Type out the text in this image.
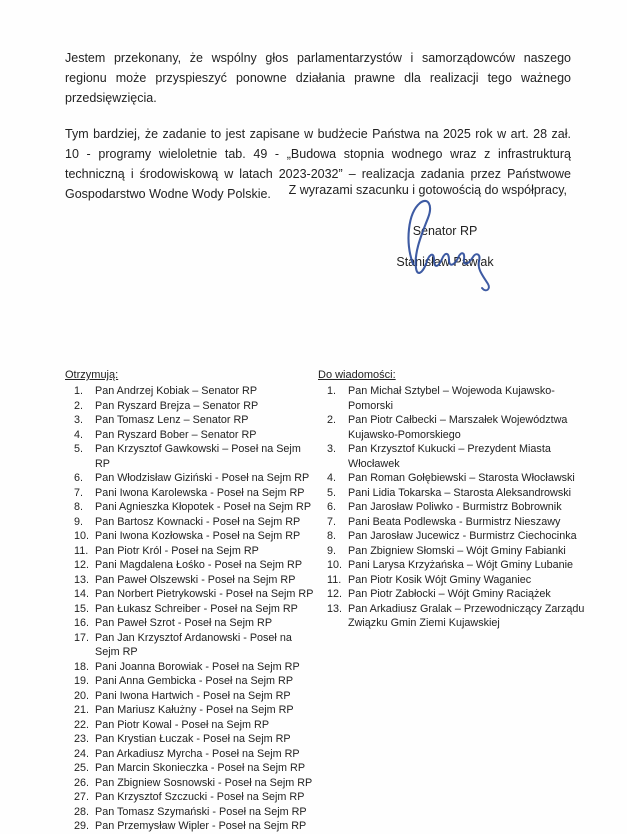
Jestem przekonany, że wspólny głos parlamentarzystów i samorządowców naszego regionu może przyspieszyć ponowne działania prawne dla realizacji tego ważnego przedsięwzięcia.

Tym bardziej, że zadanie to jest zapisane w budżecie Państwa na 2025 rok w art. 28 zał. 10 - programy wieloletnie tab. 49 - „Budowa stopnia wodnego wraz z infrastrukturą techniczną i środowiskową w latach 2023-2032” – realizacja zadania przez Państwowe Gospodarstwo Wodne Wody Polskie.	Z wyrazami szacunku i gotowością do współpracy,
Senator RP
Stanisław Pawlak
Otrzymują:
Pan Andrzej Kobiak – Senator RP
Pan Ryszard Brejza – Senator RP
Pan Tomasz Lenz – Senator RP
Pan Ryszard Bober – Senator RP
Pan Krzysztof Gawkowski – Poseł na Sejm RP
Pan Włodzisław Giziński - Poseł na Sejm RP
Pani Iwona Karolewska - Poseł na Sejm RP
Pani Agnieszka Kłopotek - Poseł na Sejm RP
Pan Bartosz Kownacki - Poseł na Sejm RP
Pani Iwona Kozłowska - Poseł na Sejm RP
Pan Piotr Król - Poseł na Sejm RP
Pani Magdalena Łośko - Poseł na Sejm RP
Pan Paweł Olszewski - Poseł na Sejm RP
Pan Norbert Pietrykowski - Poseł na Sejm RP
Pan Łukasz Schreiber - Poseł na Sejm RP
Pan Paweł Szrot - Poseł na Sejm RP
Pan Jan Krzysztof Ardanowski - Poseł na Sejm RP
Pani Joanna Borowiak - Poseł na Sejm RP
Pani Anna Gembicka - Poseł na Sejm RP
Pani Iwona Hartwich - Poseł na Sejm RP
Pan Mariusz Kałużny - Poseł na Sejm RP
Pan Piotr Kowal - Poseł na Sejm RP
Pan Krystian Łuczak - Poseł na Sejm RP
Pan Arkadiusz Myrcha - Poseł na Sejm RP
Pan Marcin Skonieczka - Poseł na Sejm RP
Pan Zbigniew Sosnowski - Poseł na Sejm RP
Pan Krzysztof Szczucki - Poseł na Sejm RP
Pan Tomasz Szymański - Poseł na Sejm RP
Pan Przemysław Wipler - Poseł na Sejm RP
Do wiadomości:
Pan Michał Sztybel – Wojewoda Kujawsko-Pomorski
Pan Piotr Całbecki – Marszałek Województwa Kujawsko-Pomorskiego
Pan Krzysztof Kukucki – Prezydent Miasta Włocławek
Pan Roman Gołębiewski – Starosta Włocławski
Pani Lidia Tokarska – Starosta Aleksandrowski
Pan Jarosław Poliwko - Burmistrz Bobrownik
Pani Beata Podlewska - Burmistrz Nieszawy
Pan Jarosław Jucewicz - Burmistrz Ciechocinka
Pan Zbigniew Słomski – Wójt Gminy Fabianki
Pani Larysa Krzyżańska – Wójt Gminy Lubanie
Pan Piotr Kosik Wójt Gminy Waganiec
Pan Piotr Zabłocki – Wójt Gminy Raciążek
Pan Arkadiusz Gralak – Przewodniczący Zarządu Związku Gmin Ziemi Kujawskiej
